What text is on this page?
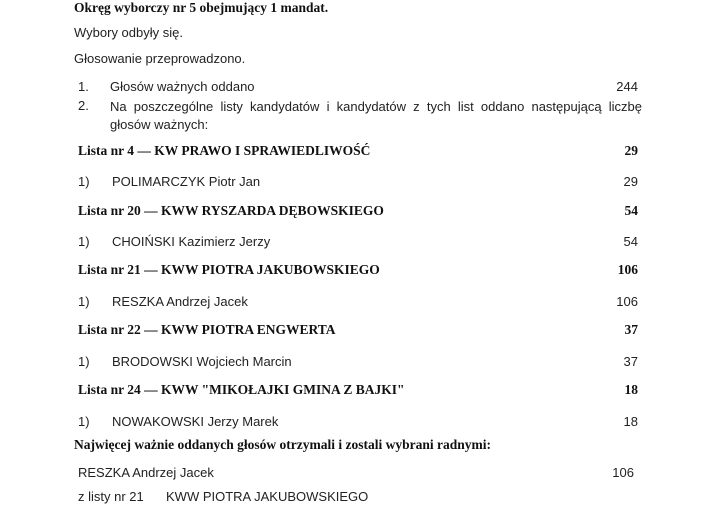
Okręg wyborczy nr 5 obejmujący 1 mandat.
Wybory odbyły się.
Głosowanie przeprowadzono.
1. Głosów ważnych oddano	244
2. Na poszczególne listy kandydatów i kandydatów z tych list oddano następującą liczbę głosów ważnych:
Lista nr 4 — KW PRAWO I SPRAWIEDLIWOŚĆ	29
1) POLIMARCZYK Piotr Jan	29
Lista nr 20 — KWW RYSZARDA DĘBOWSKIEGO	54
1) CHOIŃSKI Kazimierz Jerzy	54
Lista nr 21 — KWW PIOTRA JAKUBOWSKIEGO	106
1) RESZKA Andrzej Jacek	106
Lista nr 22 — KWW PIOTRA ENGWERTA	37
1) BRODOWSKI Wojciech Marcin	37
Lista nr 24 — KWW "MIKOŁAJKI GMINA Z BAJKI"	18
1) NOWAKOWSKI Jerzy Marek	18
Najwięcej ważnie oddanych głosów otrzymali i zostali wybrani radnymi:
RESZKA Andrzej Jacek	106
z listy nr 21 KWW PIOTRA JAKUBOWSKIEGO
